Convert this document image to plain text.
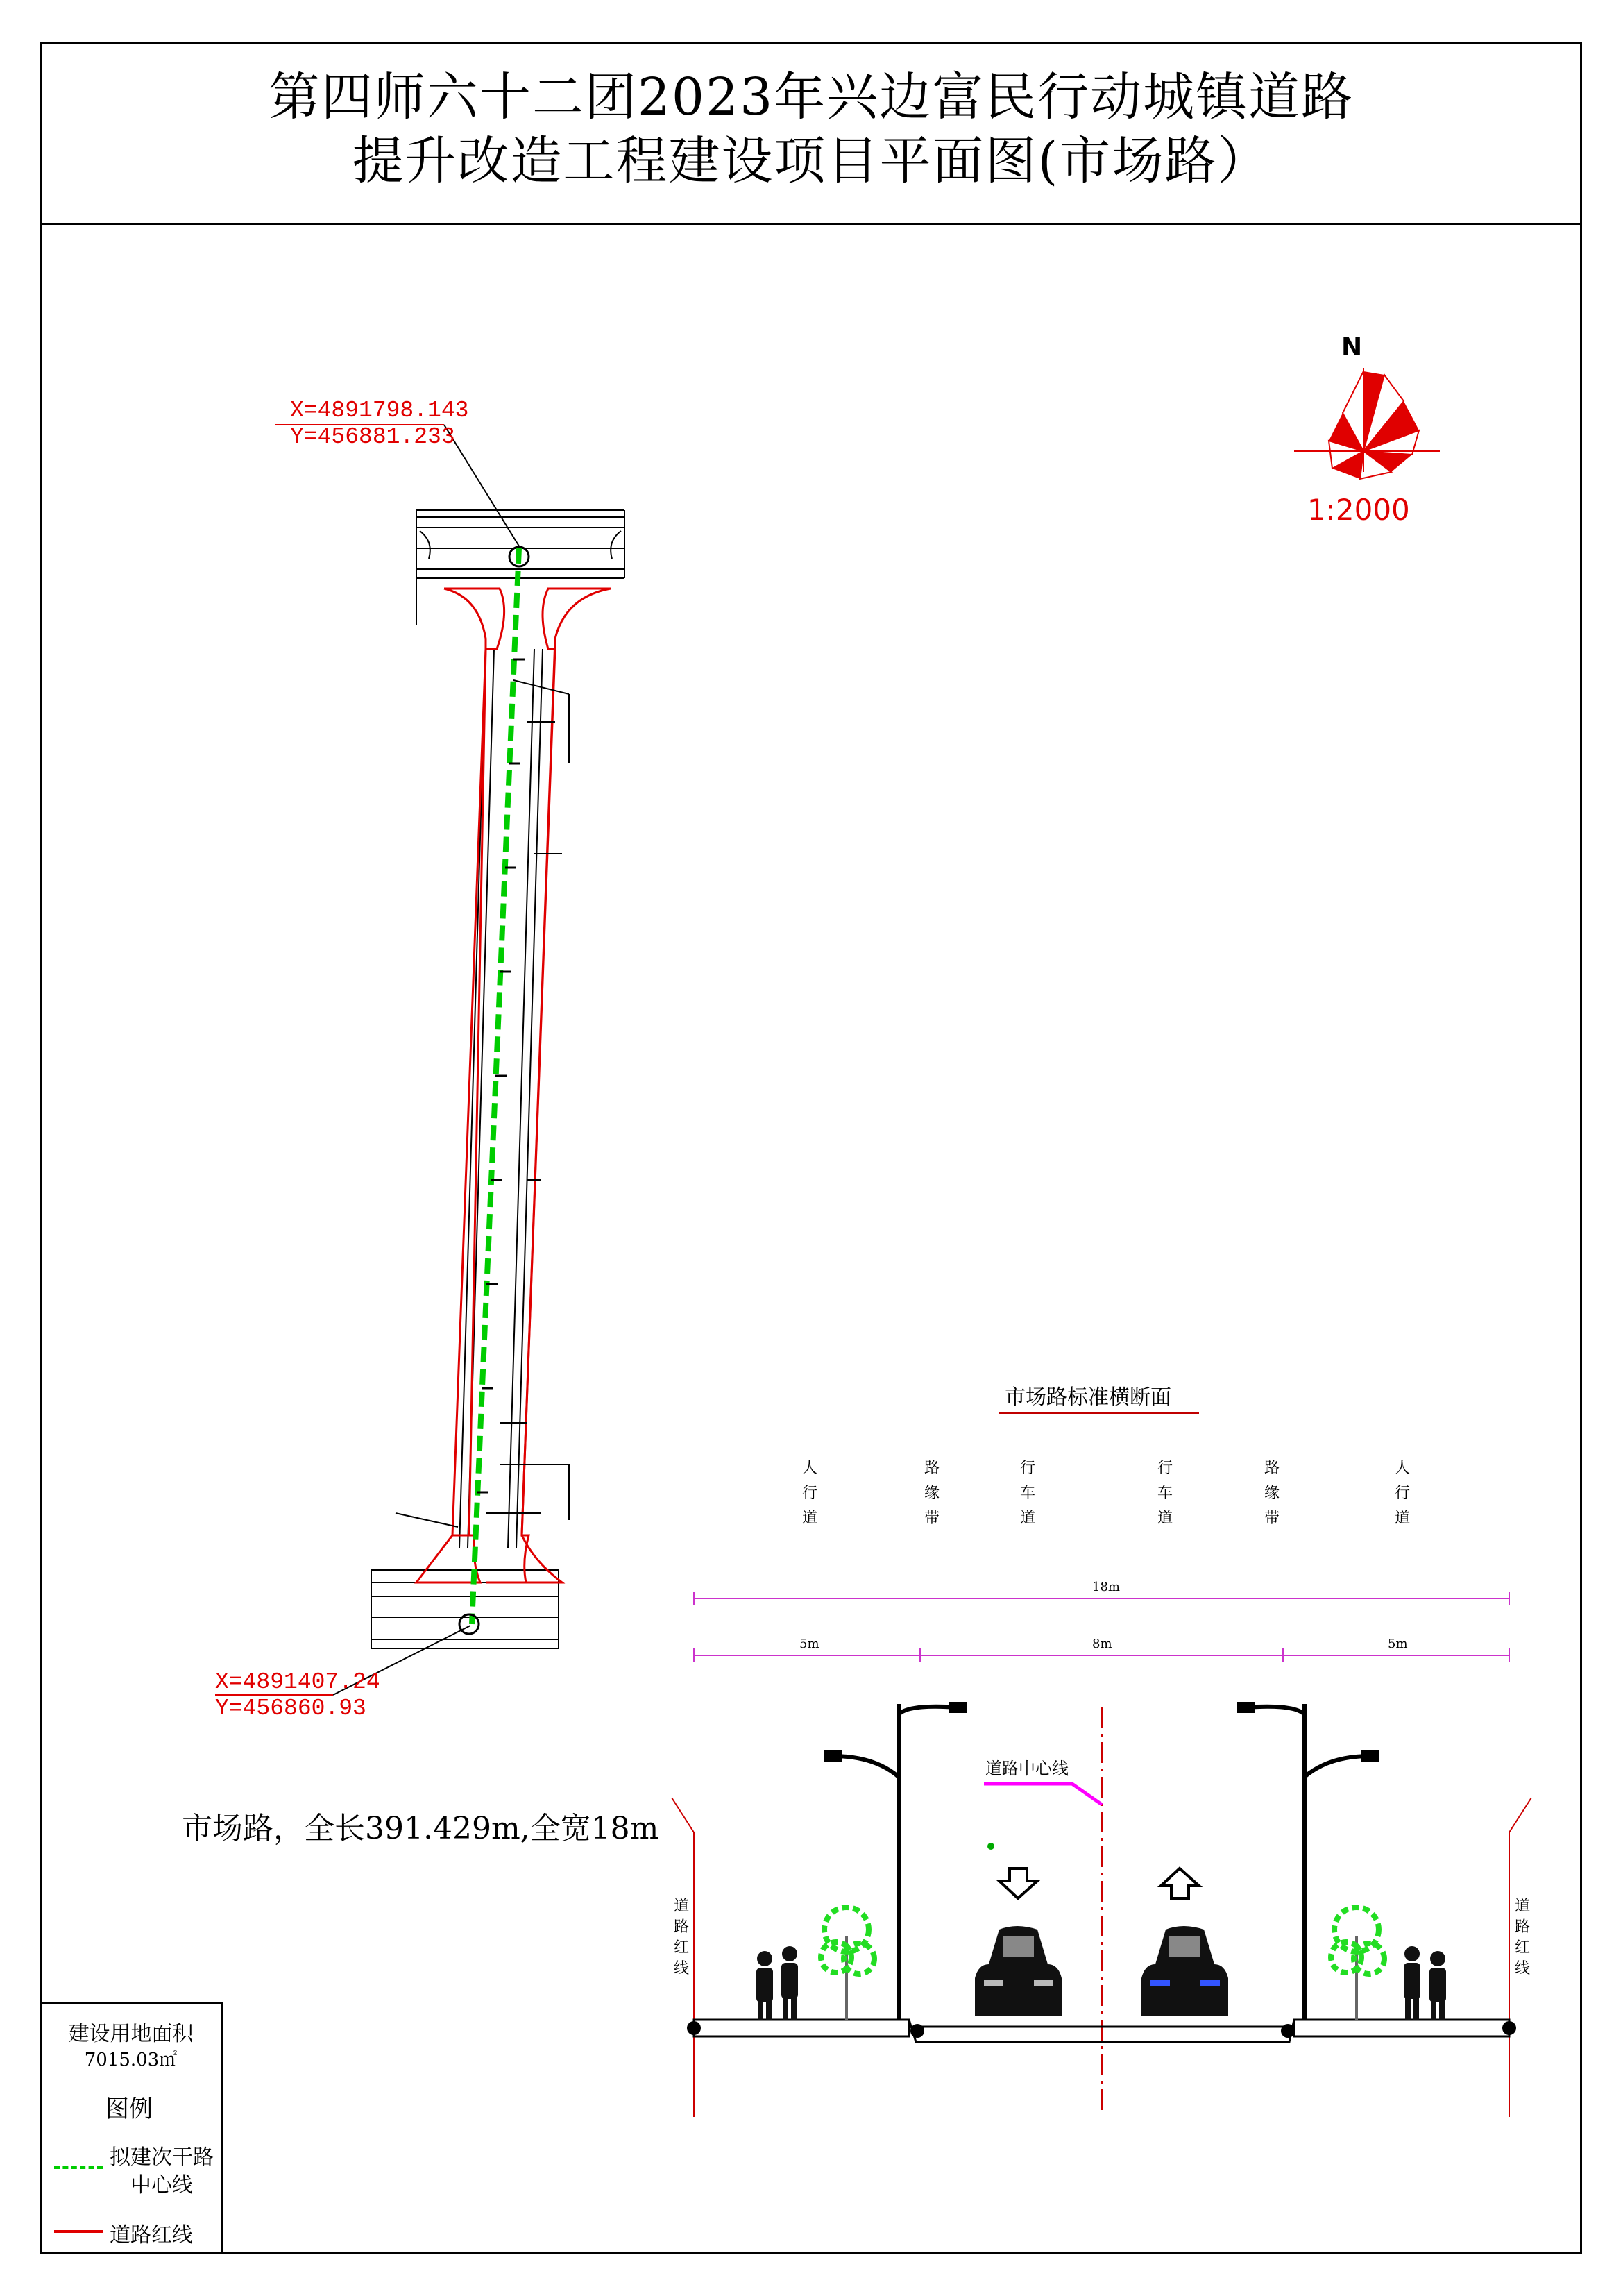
第四师六十二团2023年兴边富民行动城镇道路
提升改造工程建设项目平面图(市场路）
X=4891798.143
Y=456881.233
X=4891407.24
Y=456860.93
N
1:2000
市场路，全长391.429m,全宽18m
市场路标准横断面
人
行
道
路
缘
带
行
车
道
行
车
道
路
缘
带
人
行
道
18m
5m	8m	5m
道路中心线
道
路
红
线
道
路
红
线
建设用地面积
7015.03㎡
图例
拟建次干路
中心线
道路红线
